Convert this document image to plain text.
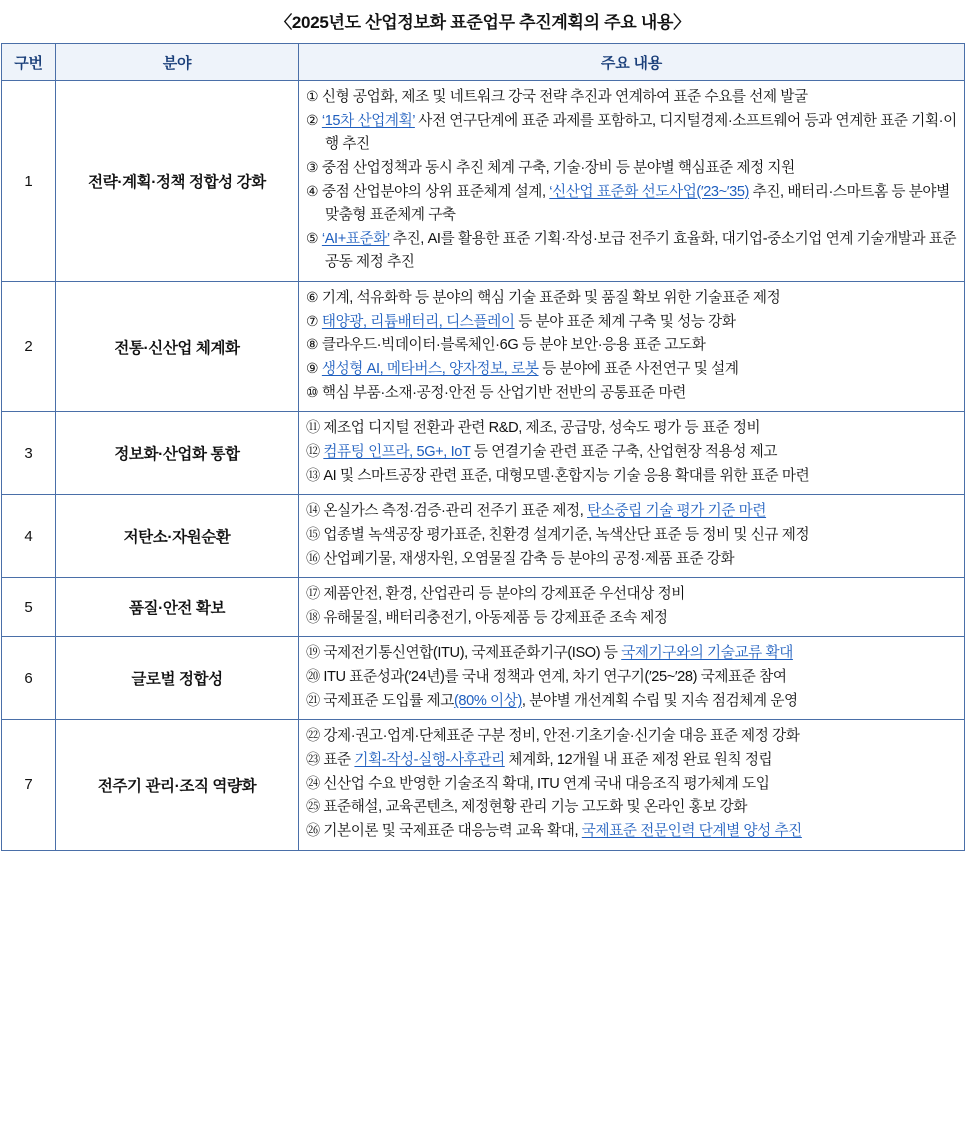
〈2025년도 산업정보화 표준업무 추진계획의 주요 내용〉
구번	분야	주요 내용
1	전략·계획·정책 정합성 강화	① 신형 공업화, 제조 및 네트워크 강국 전략 추진과 연계하여 표준 수요를 선제 발굴
② ‘15차 산업계획’ 사전 연구단계에 표준 과제를 포함하고, 디지털경제·소프트웨어 등과 연계한 표준 기획·이행 추진
③ 중점 산업정책과 동시 추진 체계 구축, 기술·장비 등 분야별 핵심표준 제정 지원
④ 중점 산업분야의 상위 표준체계 설계, ‘신산업 표준화 선도사업(′23~′35) 추진, 배터리·스마트홈 등 분야별 맞춤형 표준체계 구축
⑤ ‘AI+표준화’ 추진, AI를 활용한 표준 기획·작성·보급 전주기 효율화, 대기업-중소기업 연계 기술개발과 표준 공동 제정 추진

2	전통·신산업 체계화	⑥ 기계, 석유화학 등 분야의 핵심 기술 표준화 및 품질 확보 위한 기술표준 제정
⑦ 태양광, 리튬배터리, 디스플레이 등 분야 표준 체계 구축 및 성능 강화
⑧ 클라우드·빅데이터·블록체인·6G 등 분야 보안·응용 표준 고도화
⑨ 생성형 AI, 메타버스, 양자정보, 로봇 등 분야에 표준 사전연구 및 설계
⑩ 핵심 부품·소재·공정·안전 등 산업기반 전반의 공통표준 마련

3	정보화·산업화 통합	⑪ 제조업 디지털 전환과 관련 R&D, 제조, 공급망, 성숙도 평가 등 표준 정비
⑫ 컴퓨팅 인프라, 5G+, IoT 등 연결기술 관련 표준 구축, 산업현장 적용성 제고
⑬ AI 및 스마트공장 관련 표준, 대형모델·혼합지능 기술 응용 확대를 위한 표준 마련

4	저탄소·자원순환	⑭ 온실가스 측정·검증·관리 전주기 표준 제정, 탄소중립 기술 평가 기준 마련
⑮ 업종별 녹색공장 평가표준, 친환경 설계기준, 녹색산단 표준 등 정비 및 신규 제정
⑯ 산업폐기물, 재생자원, 오염물질 감축 등 분야의 공정·제품 표준 강화

5	품질·안전 확보	⑰ 제품안전, 환경, 산업관리 등 분야의 강제표준 우선대상 정비
⑱ 유해물질, 배터리충전기, 아동제품 등 강제표준 조속 제정

6	글로벌 정합성	⑲ 국제전기통신연합(ITU), 국제표준화기구(ISO) 등 국제기구와의 기술교류 확대
⑳ ITU 표준성과(′24년)를 국내 정책과 연계, 차기 연구기(′25~′28) 국제표준 참여
㉑ 국제표준 도입률 제고(80% 이상), 분야별 개선계획 수립 및 지속 점검체계 운영

7	전주기 관리·조직 역량화	㉒ 강제·권고·업계·단체표준 구분 정비, 안전·기초기술·신기술 대응 표준 제정 강화
㉓ 표준 기획-작성-실행-사후관리 체계화, 12개월 내 표준 제정 완료 원칙 정립
㉔ 신산업 수요 반영한 기술조직 확대, ITU 연계 국내 대응조직 평가체계 도입
㉕ 표준해설, 교육콘텐츠, 제정현황 관리 기능 고도화 및 온라인 홍보 강화
㉖ 기본이론 및 국제표준 대응능력 교육 확대, 국제표준 전문인력 단계별 양성 추진
